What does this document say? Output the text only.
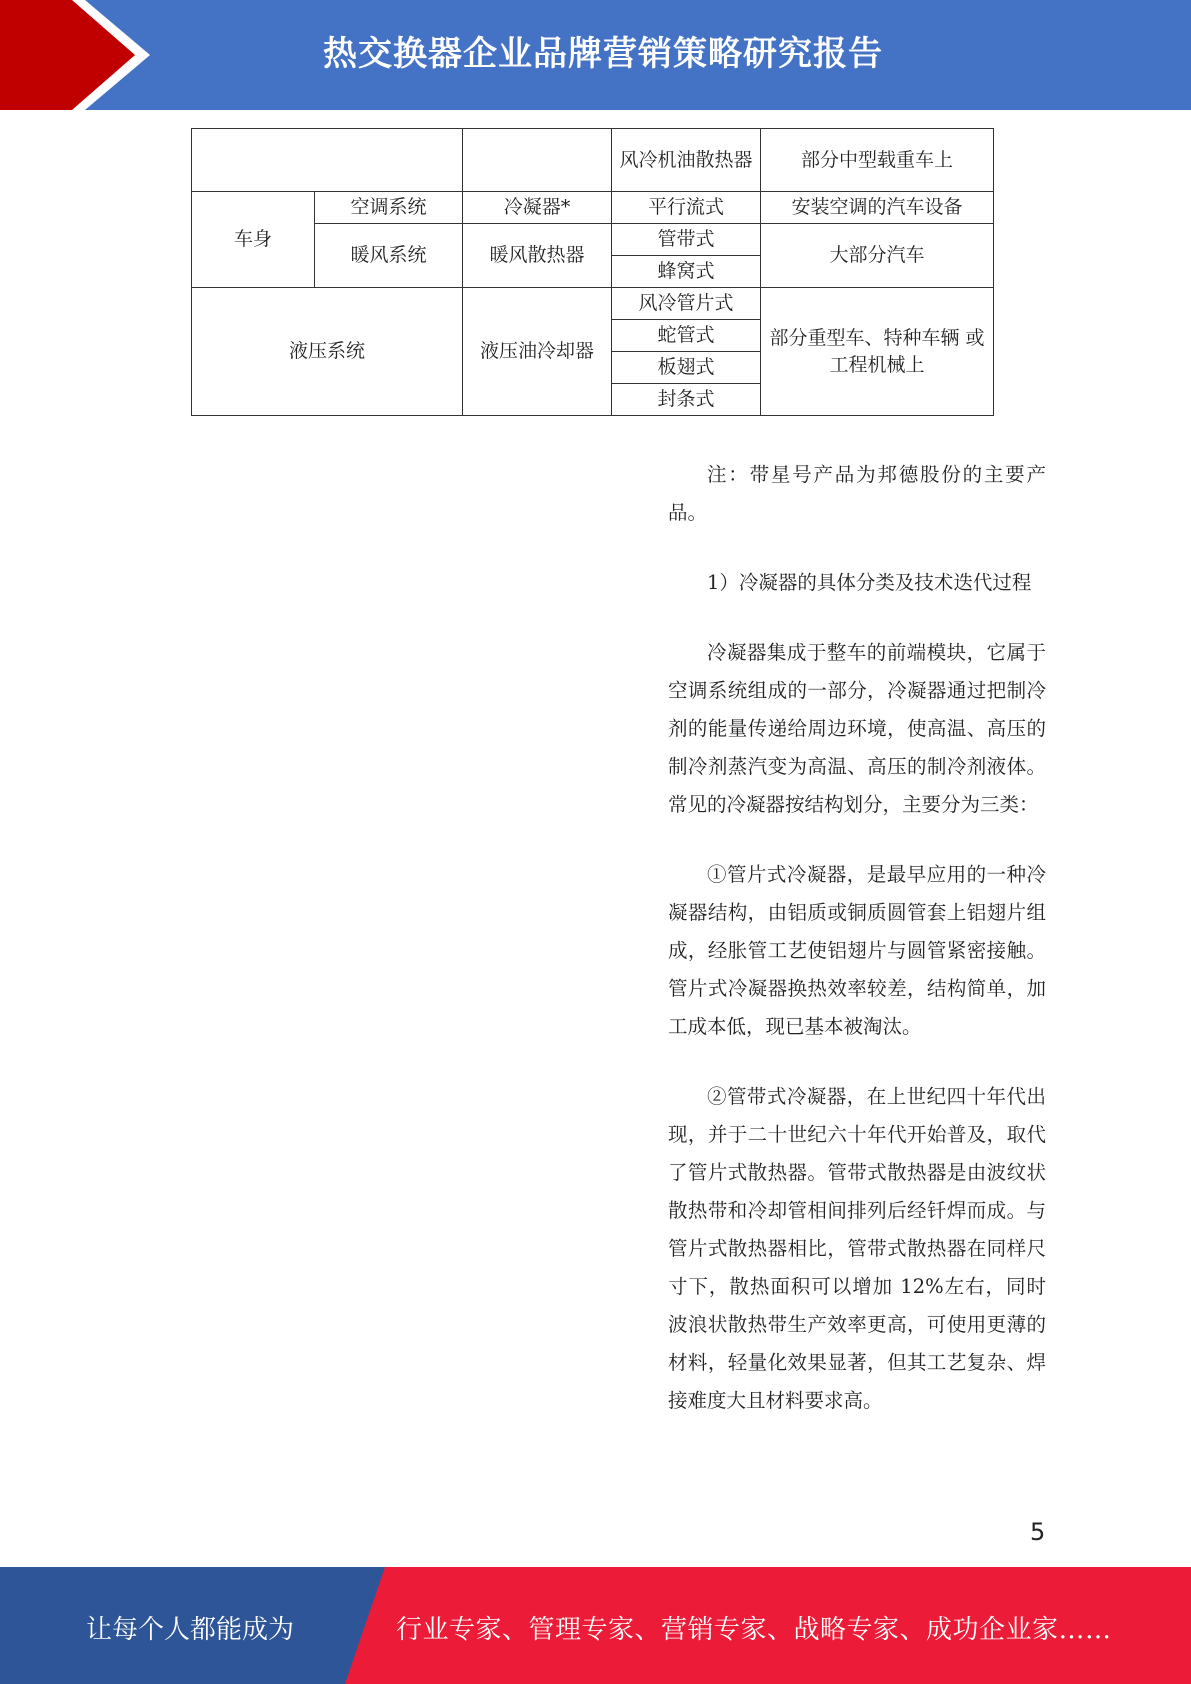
热交换器企业品牌营销策略研究报告
			风冷机油散热器	部分中型载重车上
车身	空调系统	冷凝器*	平行流式	安装空调的汽车设备
	暖风系统	暖风散热器	管带式	大部分汽车
			蜂窝式	
液压系统		液压油冷却器	风冷管片式	部分重型车、特种车辆 或工程机械上
			蛇管式	
			板翅式	
			封条式	

注：带星号产品为邦德股份的主要产品。

1）冷凝器的具体分类及技术迭代过程

冷凝器集成于整车的前端模块，它属于空调系统组成的一部分，冷凝器通过把制冷剂的能量传递给周边环境，使高温、高压的制冷剂蒸汽变为高温、高压的制冷剂液体。常见的冷凝器按结构划分，主要分为三类：

①管片式冷凝器，是最早应用的一种冷凝器结构，由铝质或铜质圆管套上铝翅片组成，经胀管工艺使铝翅片与圆管紧密接触。管片式冷凝器换热效率较差，结构简单，加工成本低，现已基本被淘汰。

②管带式冷凝器，在上世纪四十年代出现，并于二十世纪六十年代开始普及，取代了管片式散热器。管带式散热器是由波纹状散热带和冷却管相间排列后经钎焊而成。与管片式散热器相比，管带式散热器在同样尺寸下，散热面积可以增加 12%左右，同时波浪状散热带生产效率更高，可使用更薄的材料，轻量化效果显著，但其工艺复杂、焊接难度大且材料要求高。

5
让每个人都能成为	行业专家、管理专家、营销专家、战略专家、成功企业家……
